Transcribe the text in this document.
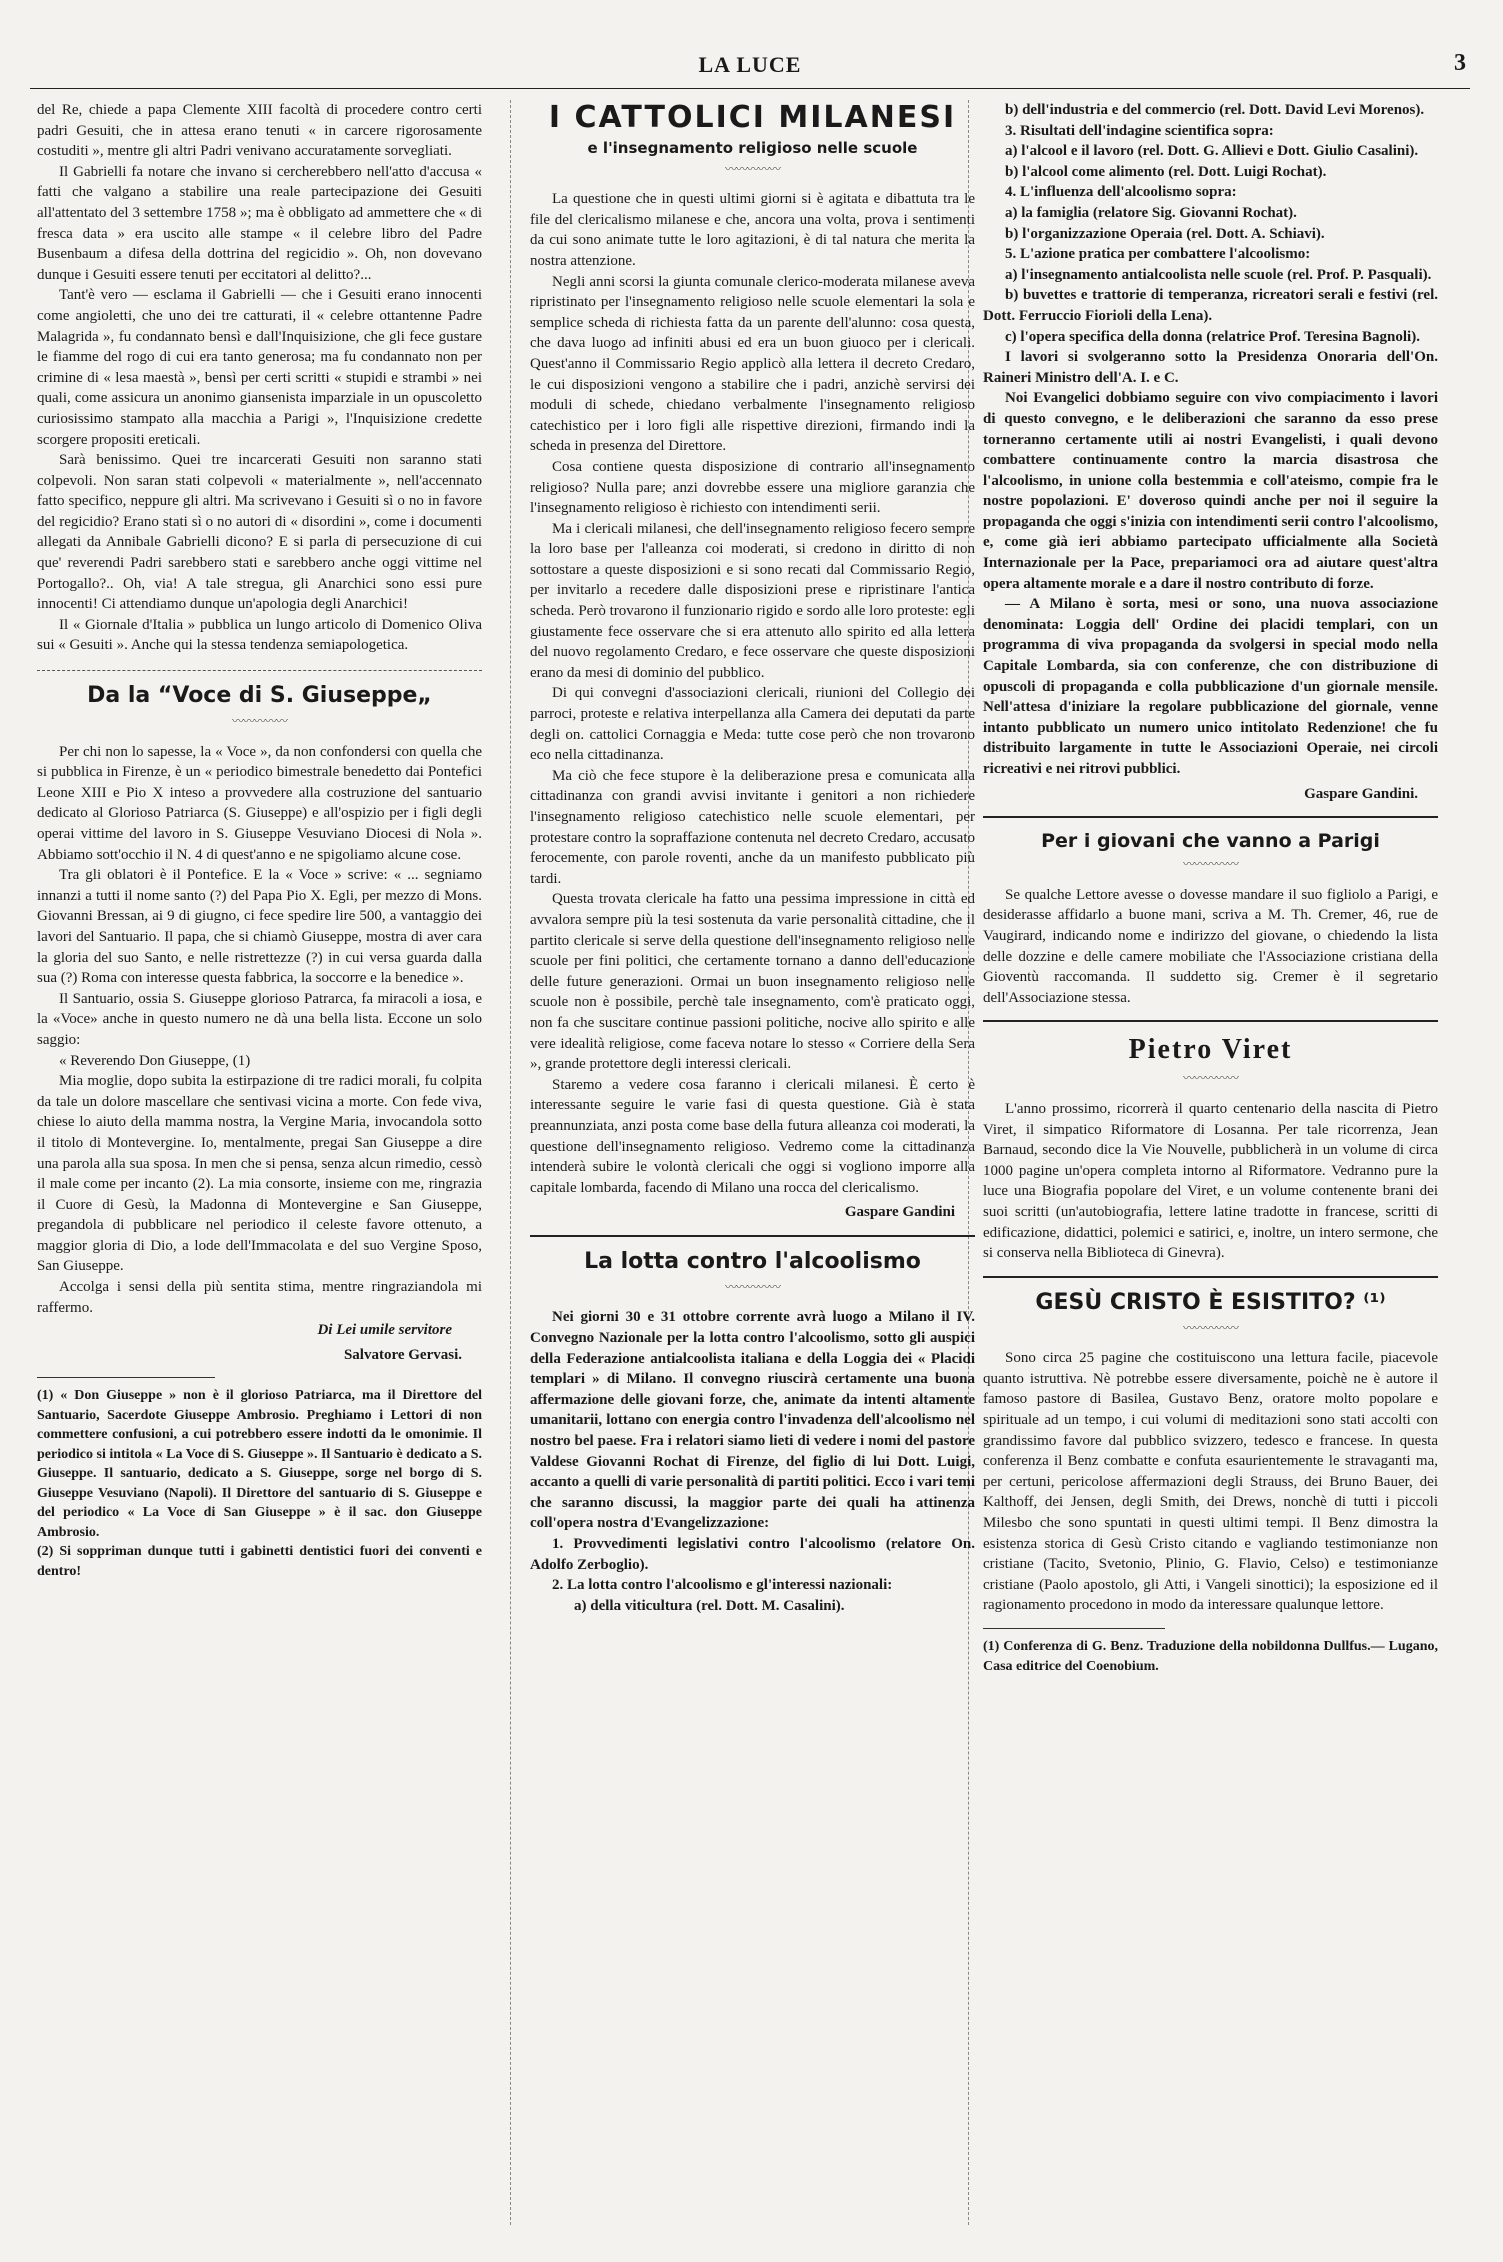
LA LUCE	3

del Re, chiede a papa Clemente XIII facoltà di procedere contro certi padri Gesuiti, che in attesa erano tenuti « in carcere rigorosamente costuditi », mentre gli altri Padri venivano accuratamente sorvegliati.

Il Gabrielli fa notare che invano si cercherebbero nell'atto d'accusa « fatti che valgano a stabilire una reale partecipazione dei Gesuiti all'attentato del 3 settembre 1758 »; ma è obbligato ad ammettere che « di fresca data » era uscito alle stampe « il celebre libro del Padre Busenbaum a difesa della dottrina del regicidio ». Oh, non dovevano dunque i Gesuiti essere tenuti per eccitatori al delitto?...

Tant'è vero — esclama il Gabrielli — che i Gesuiti erano innocenti come angioletti, che uno dei tre catturati, il « celebre ottantenne Padre Malagrida », fu condannato bensì e dall'Inquisizione, che gli fece gustare le fiamme del rogo di cui era tanto generosa; ma fu condannato non per crimine di « lesa maestà », bensì per certi scritti « stupidi e strambi » nei quali, come assicura un anonimo giansenista imparziale in un opuscoletto curiosissimo stampato alla macchia a Parigi », l'Inquisizione credette scorgere propositi ereticali.

Sarà benissimo. Quei tre incarcerati Gesuiti non saranno stati colpevoli. Non saran stati colpevoli « materialmente », nell'accennato fatto specifico, neppure gli altri. Ma scrivevano i Gesuiti sì o no in favore del regicidio? Erano stati sì o no autori di « disordini », come i documenti allegati da Annibale Gabrielli dicono? E si parla di persecuzione di cui que' reverendi Padri sarebbero stati e sarebbero anche oggi vittime nel Portogallo?.. Oh, via! A tale stregua, gli Anarchici sono essi pure innocenti! Ci attendiamo dunque un'apologia degli Anarchici!

Il « Giornale d'Italia » pubblica un lungo articolo di Domenico Oliva sui « Gesuiti ». Anche qui la stessa tendenza semiapologetica.

Da la “Voce di S. Giuseppe„
〰〰〰〰〰

Per chi non lo sapesse, la « Voce », da non confondersi con quella che si pubblica in Firenze, è un « periodico bimestrale benedetto dai Pontefici Leone XIII e Pio X inteso a provvedere alla costruzione del santuario dedicato al Glorioso Patriarca (S. Giuseppe) e all'ospizio per i figli degli operai vittime del lavoro in S. Giuseppe Vesuviano Diocesi di Nola ». Abbiamo sott'occhio il N. 4 di quest'anno e ne spigoliamo alcune cose.

Tra gli oblatori è il Pontefice. E la « Voce » scrive: « ... segniamo innanzi a tutti il nome santo (?) del Papa Pio X. Egli, per mezzo di Mons. Giovanni Bressan, ai 9 di giugno, ci fece spedire lire 500, a vantaggio dei lavori del Santuario. Il papa, che si chiamò Giuseppe, mostra di aver cara la gloria del suo Santo, e nelle ristrettezze (?) in cui versa guarda dalla sua (?) Roma con interesse questa fabbrica, la soccorre e la benedice ».

Il Santuario, ossia S. Giuseppe glorioso Patrarca, fa miracoli a iosa, e la «Voce» anche in questo numero ne dà una bella lista. Eccone un solo saggio:

« Reverendo Don Giuseppe, (1)

Mia moglie, dopo subita la estirpazione di tre radici morali, fu colpita da tale un dolore mascellare che sentivasi vicina a morte. Con fede viva, chiese lo aiuto della mamma nostra, la Vergine Maria, invocandola sotto il titolo di Montevergine. Io, mentalmente, pregai San Giuseppe a dire una parola alla sua sposa. In men che si pensa, senza alcun rimedio, cessò il male come per incanto (2). La mia consorte, insieme con me, ringrazia il Cuore di Gesù, la Madonna di Montevergine e San Giuseppe, pregandola di pubblicare nel periodico il celeste favore ottenuto, a maggior gloria di Dio, a lode dell'Immacolata e del suo Vergine Sposo, San Giuseppe.

Accolga i sensi della più sentita stima, mentre ringraziandola mi raffermo.

Di Lei umile servitore
Salvatore Gervasi.

(1) « Don Giuseppe » non è il glorioso Patriarca, ma il Direttore del Santuario, Sacerdote Giuseppe Ambrosio. Preghiamo i Lettori di non commettere confusioni, a cui potrebbero essere indotti da le omonimie. Il periodico si intitola « La Voce di S. Giuseppe ». Il Santuario è dedicato a S. Giuseppe. Il santuario, dedicato a S. Giuseppe, sorge nel borgo di S. Giuseppe Vesuviano (Napoli). Il Direttore del santuario di S. Giuseppe e del periodico « La Voce di San Giuseppe » è il sac. don Giuseppe Ambrosio.

(2) Si soppriman dunque tutti i gabinetti dentistici fuori dei conventi e dentro!

I CATTOLICI MILANESI
e l'insegnamento religioso nelle scuole
〰〰〰〰〰

La questione che in questi ultimi giorni si è agitata e dibattuta tra le file del clericalismo milanese e che, ancora una volta, prova i sentimenti da cui sono animate tutte le loro agitazioni, è di tal natura che merita la nostra attenzione.

Negli anni scorsi la giunta comunale clerico-moderata milanese aveva ripristinato per l'insegnamento religioso nelle scuole elementari la sola e semplice scheda di richiesta fatta da un parente dell'alunno: cosa questa, che dava luogo ad infiniti abusi ed era un buon giuoco per i clericali. Quest'anno il Commissario Regio applicò alla lettera il decreto Credaro, le cui disposizioni vengono a stabilire che i padri, anzichè servirsi dei moduli di schede, chiedano verbalmente l'insegnamento religioso catechistico per i loro figli alle rispettive direzioni, firmando indi la scheda in presenza del Direttore.

Cosa contiene questa disposizione di contrario all'insegnamento religioso? Nulla pare; anzi dovrebbe essere una migliore garanzia che l'insegnamento religioso è richiesto con intendimenti serii.

Ma i clericali milanesi, che dell'insegnamento religioso fecero sempre la loro base per l'alleanza coi moderati, si credono in diritto di non sottostare a queste disposizioni e si sono recati dal Commissario Regio, per invitarlo a recedere dalle disposizioni prese e ripristinare l'antica scheda. Però trovarono il funzionario rigido e sordo alle loro proteste: egli giustamente fece osservare che si era attenuto allo spirito ed alla lettera del nuovo regolamento Credaro, e fece osservare che queste disposizioni erano da mesi di dominio del pubblico.

Di qui convegni d'associazioni clericali, riunioni del Collegio dei parroci, proteste e relativa interpellanza alla Camera dei deputati da parte degli on. cattolici Cornaggia e Meda: tutte cose però che non trovarono eco nella cittadinanza.

Ma ciò che fece stupore è la deliberazione presa e comunicata alla cittadinanza con grandi avvisi invitante i genitori a non richiedere l'insegnamento religioso catechistico nelle scuole elementari, per protestare contro la sopraffazione contenuta nel decreto Credaro, accusato ferocemente, con parole roventi, anche da un manifesto pubblicato più tardi.

Questa trovata clericale ha fatto una pessima impressione in città ed avvalora sempre più la tesi sostenuta da varie personalità cittadine, che il partito clericale si serve della questione dell'insegnamento religioso nelle scuole per fini politici, che certamente tornano a danno dell'educazione delle future generazioni. Ormai un buon insegnamento religioso nelle scuole non è possibile, perchè tale insegnamento, com'è praticato oggi, non fa che suscitare continue passioni politiche, nocive allo spirito e alle vere idealità religiose, come faceva notare lo stesso « Corriere della Sera », grande protettore degli interessi clericali.

Staremo a vedere cosa faranno i clericali milanesi. È certo è interessante seguire le varie fasi di questa questione. Già è stata preannunziata, anzi posta come base della futura alleanza coi moderati, la questione dell'insegnamento religioso. Vedremo come la cittadinanza intenderà subire le volontà clericali che oggi si vogliono imporre alla capitale lombarda, facendo di Milano una rocca del clericalismo.

Gaspare Gandini
La lotta contro l'alcoolismo
〰〰〰〰〰

Nei giorni 30 e 31 ottobre corrente avrà luogo a Milano il IV. Convegno Nazionale per la lotta contro l'alcoolismo, sotto gli auspici della Federazione antialcoolista italiana e della Loggia dei « Placidi templari » di Milano. Il convegno riuscirà certamente una buona affermazione delle giovani forze, che, animate da intenti altamente umanitarii, lottano con energia contro l'invadenza dell'alcoolismo nel nostro bel paese. Fra i relatori siamo lieti di vedere i nomi del pastore Valdese Giovanni Rochat di Firenze, del figlio di lui Dott. Luigi, accanto a quelli di varie personalità di partiti politici. Ecco i vari temi che saranno discussi, la maggior parte dei quali ha attinenza coll'opera nostra d'Evangelizzazione:

1. Provvedimenti legislativi contro l'alcoolismo (relatore On. Adolfo Zerboglio).

2. La lotta contro l'alcoolismo e gl'interessi nazionali:

a) della viticultura (rel. Dott. M. Casalini).

b) dell'industria e del commercio (rel. Dott. David Levi Morenos).

3. Risultati dell'indagine scientifica sopra:

a) l'alcool e il lavoro (rel. Dott. G. Allievi e Dott. Giulio Casalini).

b) l'alcool come alimento (rel. Dott. Luigi Rochat).

4. L'influenza dell'alcoolismo sopra:

a) la famiglia (relatore Sig. Giovanni Rochat).

b) l'organizzazione Operaia (rel. Dott. A. Schiavi).

5. L'azione pratica per combattere l'alcoolismo:

a) l'insegnamento antialcoolista nelle scuole (rel. Prof. P. Pasquali).

b) buvettes e trattorie di temperanza, ricreatori serali e festivi (rel. Dott. Ferruccio Fiorioli della Lena).

c) l'opera specifica della donna (relatrice Prof. Teresina Bagnoli).

I lavori si svolgeranno sotto la Presidenza Onoraria dell'On. Raineri Ministro dell'A. I. e C.

Noi Evangelici dobbiamo seguire con vivo compiacimento i lavori di questo convegno, e le deliberazioni che saranno da esso prese torneranno certamente utili ai nostri Evangelisti, i quali devono combattere continuamente contro la marcia disastrosa che l'alcoolismo, in unione colla bestemmia e coll'ateismo, compie fra le nostre popolazioni. E' doveroso quindi anche per noi il seguire la propaganda che oggi s'inizia con intendimenti serii contro l'alcoolismo, e, come già ieri abbiamo partecipato ufficialmente alla Società Internazionale per la Pace, prepariamoci ora ad aiutare quest'altra opera altamente morale e a dare il nostro contributo di forze.

— A Milano è sorta, mesi or sono, una nuova associazione denominata: Loggia dell' Ordine dei placidi templari, con un programma di viva propaganda da svolgersi in special modo nella Capitale Lombarda, sia con conferenze, che con distribuzione di opuscoli di propaganda e colla pubblicazione d'un giornale mensile. Nell'attesa d'iniziare la regolare pubblicazione del giornale, venne intanto pubblicato un numero unico intitolato Redenzione! che fu distribuito largamente in tutte le Associazioni Operaie, nei circoli ricreativi e nei ritrovi pubblici.

Gaspare Gandini.
Per i giovani che vanno a Parigi
〰〰〰〰〰

Se qualche Lettore avesse o dovesse mandare il suo figliolo a Parigi, e desiderasse affidarlo a buone mani, scriva a M. Th. Cremer, 46, rue de Vaugirard, indicando nome e indirizzo del giovane, o chiedendo la lista delle dozzine e delle camere mobiliate che l'Associazione cristiana della Gioventù raccomanda. Il suddetto sig. Cremer è il segretario dell'Associazione stessa.

Pietro Viret
〰〰〰〰〰

L'anno prossimo, ricorrerà il quarto centenario della nascita di Pietro Viret, il simpatico Riformatore di Losanna. Per tale ricorrenza, Jean Barnaud, secondo dice la Vie Nouvelle, pubblicherà in un volume di circa 1000 pagine un'opera completa intorno al Riformatore. Vedranno pure la luce una Biografia popolare del Viret, e un volume contenente brani dei suoi scritti (un'autobiografia, lettere latine tradotte in francese, scritti di edificazione, didattici, polemici e satirici, e, inoltre, un intero sermone, che si conserva nella Biblioteca di Ginevra).

GESÙ CRISTO È ESISTITO? ⁽¹⁾
〰〰〰〰〰

Sono circa 25 pagine che costituiscono una lettura facile, piacevole quanto istruttiva. Nè potrebbe essere diversamente, poichè ne è autore il famoso pastore di Basilea, Gustavo Benz, oratore molto popolare e spirituale ad un tempo, i cui volumi di meditazioni sono stati accolti con grandissimo favore dal pubblico svizzero, tedesco e francese. In questa conferenza il Benz combatte e confuta esaurientemente le stravaganti ma, per certuni, pericolose affermazioni degli Strauss, dei Bruno Bauer, dei Kalthoff, dei Jensen, degli Smith, dei Drews, nonchè di tutti i piccoli Milesbo che sono spuntati in questi ultimi tempi. Il Benz dimostra la esistenza storica di Gesù Cristo citando e vagliando testimonianze non cristiane (Tacito, Svetonio, Plinio, G. Flavio, Celso) e testimonianze cristiane (Paolo apostolo, gli Atti, i Vangeli sinottici); la esposizione ed il ragionamento procedono in modo da interessare qualunque lettore.

(1) Conferenza di G. Benz. Traduzione della nobildonna Dullfus.— Lugano, Casa editrice del Coenobium.
